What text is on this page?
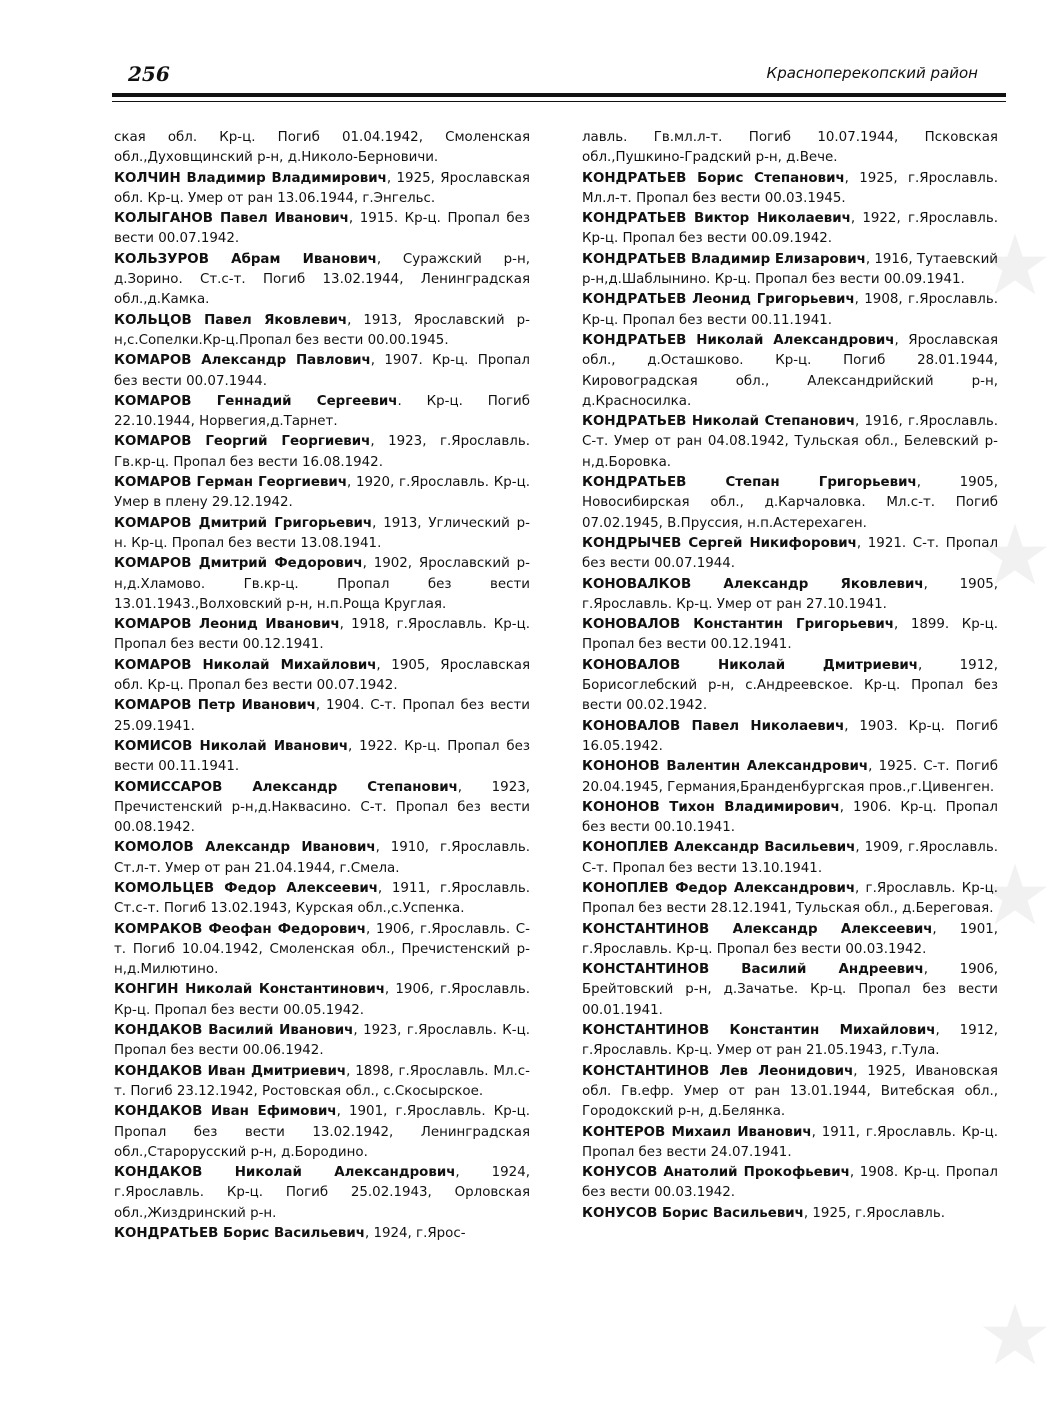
256	Красноперекопский район

ская обл. Кр-ц. Погиб 01.04.1942, Смоленская обл.,Духовщинский р-н, д.Николо-Берновичи.

КОЛЧИН Владимир Владимирович, 1925, Ярославская обл. Кр-ц. Умер от ран 13.06.1944, г.Энгельс.

КОЛЫГАНОВ Павел Иванович, 1915. Кр-ц. Пропал без вести 00.07.1942.

КОЛЬЗУРОВ Абрам Иванович, Суражский р-н, д.Зорино. Ст.с-т. Погиб 13.02.1944, Ленинградская обл.,д.Камка.

КОЛЬЦОВ Павел Яковлевич, 1913, Ярославский р-н,с.Сопелки.Кр-ц.Пропал без вести 00.00.1945.

КОМАРОВ Александр Павлович, 1907. Кр-ц. Пропал без вести 00.07.1944.

КОМАРОВ Геннадий Сергеевич. Кр-ц. Погиб 22.10.1944, Норвегия,д.Тарнет.

КОМАРОВ Георгий Георгиевич, 1923, г.Ярославль. Гв.кр-ц. Пропал без вести 16.08.1942.

КОМАРОВ Герман Георгиевич, 1920, г.Ярославль. Кр-ц. Умер в плену 29.12.1942.

КОМАРОВ Дмитрий Григорьевич, 1913, Углический р-н. Кр-ц. Пропал без вести 13.08.1941.

КОМАРОВ Дмитрий Федорович, 1902, Ярославский р-н,д.Хламово. Гв.кр-ц. Пропал без вести 13.01.1943.,Волховский р-н, н.п.Роща Круглая.

КОМАРОВ Леонид Иванович, 1918, г.Ярославль. Кр-ц. Пропал без вести 00.12.1941.

КОМАРОВ Николай Михайлович, 1905, Ярославская обл. Кр-ц. Пропал без вести 00.07.1942.

КОМАРОВ Петр Иванович, 1904. С-т. Пропал без вести 25.09.1941.

КОМИСОВ Николай Иванович, 1922. Кр-ц. Пропал без вести 00.11.1941.

КОМИССАРОВ Александр Степанович, 1923, Пречистенский р-н,д.Наквасино. С-т. Пропал без вести 00.08.1942.

КОМОЛОВ Александр Иванович, 1910, г.Ярославль. Ст.л-т. Умер от ран 21.04.1944, г.Смела.

КОМОЛЬЦЕВ Федор Алексеевич, 1911, г.Ярославль. Ст.с-т. Погиб 13.02.1943, Курская обл.,с.Успенка.

КОМРАКОВ Феофан Федорович, 1906, г.Ярославль. С-т. Погиб 10.04.1942, Смоленская обл., Пречистенский р-н,д.Милютино.

КОНГИН Николай Константинович, 1906, г.Ярославль. Кр-ц. Пропал без вести 00.05.1942.

КОНДАКОВ Василий Иванович, 1923, г.Ярославль. К-ц. Пропал без вести 00.06.1942.

КОНДАКОВ Иван Дмитриевич, 1898, г.Ярославль. Мл.с-т. Погиб 23.12.1942, Ростовская обл., с.Скосырское.

КОНДАКОВ Иван Ефимович, 1901, г.Ярославль. Кр-ц. Пропал без вести 13.02.1942, Ленинградская обл.,Старорусский р-н, д.Бородино.

КОНДАКОВ Николай Александрович, 1924, г.Ярославль. Кр-ц. Погиб 25.02.1943, Орловская обл.,Жиздринский р-н.

КОНДРАТЬЕВ Борис Васильевич, 1924, г.Ярос-

лавль. Гв.мл.л-т. Погиб 10.07.1944, Псковская обл.,Пушкино-Градский р-н, д.Вече.

КОНДРАТЬЕВ Борис Степанович, 1925, г.Ярославль. Мл.л-т. Пропал без вести 00.03.1945.

КОНДРАТЬЕВ Виктор Николаевич, 1922, г.Ярославль. Кр-ц. Пропал без вести 00.09.1942.

КОНДРАТЬЕВ Владимир Елизарович, 1916, Тутаевский р-н,д.Шаблынино. Кр-ц. Пропал без вести 00.09.1941.

КОНДРАТЬЕВ Леонид Григорьевич, 1908, г.Ярославль. Кр-ц. Пропал без вести 00.11.1941.

КОНДРАТЬЕВ Николай Александрович, Ярославская обл., д.Осташково. Кр-ц. Погиб 28.01.1944, Кировоградская обл., Александрийский р-н, д.Красносилка.

КОНДРАТЬЕВ Николай Степанович, 1916, г.Ярославль. С-т. Умер от ран 04.08.1942, Тульская обл., Белевский р-н,д.Боровка.

КОНДРАТЬЕВ Степан Григорьевич, 1905, Новосибирская обл., д.Карчаловка. Мл.с-т. Погиб 07.02.1945, В.Пруссия, н.п.Астерехаген.

КОНДРЫЧЕВ Сергей Никифорович, 1921. С-т. Пропал без вести 00.07.1944.

КОНОВАЛКОВ Александр Яковлевич, 1905, г.Ярославль. Кр-ц. Умер от ран 27.10.1941.

КОНОВАЛОВ Константин Григорьевич, 1899. Кр-ц. Пропал без вести 00.12.1941.

КОНОВАЛОВ Николай Дмитриевич, 1912, Борисоглебский р-н, с.Андреевское. Кр-ц. Пропал без вести 00.02.1942.

КОНОВАЛОВ Павел Николаевич, 1903. Кр-ц. Погиб 16.05.1942.

КОНОНОВ Валентин Александрович, 1925. С-т. Погиб 20.04.1945, Германия,Бранденбургская пров.,г.Цивенген.

КОНОНОВ Тихон Владимирович, 1906. Кр-ц. Пропал без вести 00.10.1941.

КОНОПЛЕВ Александр Васильевич, 1909, г.Ярославль. С-т. Пропал без вести 13.10.1941.

КОНОПЛЕВ Федор Александрович, г.Ярославль. Кр-ц. Пропал без вести 28.12.1941, Тульская обл., д.Береговая.

КОНСТАНТИНОВ Александр Алексеевич, 1901, г.Ярославль. Кр-ц. Пропал без вести 00.03.1942.

КОНСТАНТИНОВ Василий Андреевич, 1906, Брейтовский р-н, д.Зачатье. Кр-ц. Пропал без вести 00.01.1941.

КОНСТАНТИНОВ Константин Михайлович, 1912, г.Ярославль. Кр-ц. Умер от ран 21.05.1943, г.Тула.

КОНСТАНТИНОВ Лев Леонидович, 1925, Ивановская обл. Гв.ефр. Умер от ран 13.01.1944, Витебская обл., Городокский р-н, д.Белянка.

КОНТЕРОВ Михаил Иванович, 1911, г.Ярославль. Кр-ц. Пропал без вести 24.07.1941.

КОНУСОВ Анатолий Прокофьевич, 1908. Кр-ц. Пропал без вести 00.03.1942.

КОНУСОВ Борис Васильевич, 1925, г.Ярославль.
